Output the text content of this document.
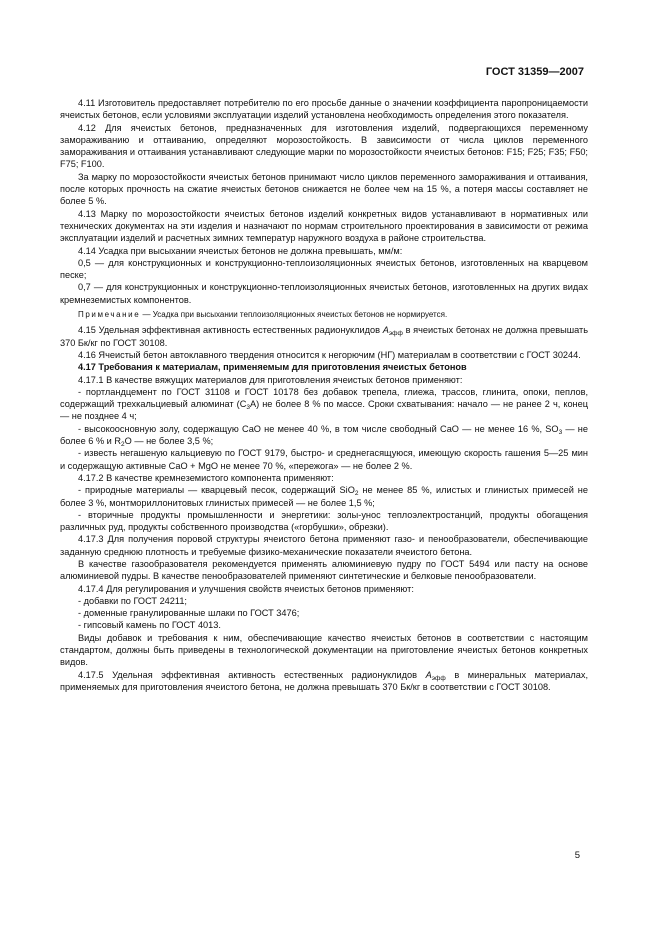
ГОСТ 31359—2007

4.11 Изготовитель предоставляет потребителю по его просьбе данные о значении коэффициента паропроницаемости ячеистых бетонов, если условиями эксплуатации изделий установлена необходимость определения этого показателя.

4.12 Для ячеистых бетонов, предназначенных для изготовления изделий, подвергающихся переменному замораживанию и оттаиванию, определяют морозостойкость. В зависимости от числа циклов переменного замораживания и оттаивания устанавливают следующие марки по морозостойкости ячеистых бетонов: F15; F25; F35; F50; F75; F100.

За марку по морозостойкости ячеистых бетонов принимают число циклов переменного замораживания и оттаивания, после которых прочность на сжатие ячеистых бетонов снижается не более чем на 15 %, а потеря массы составляет не более 5 %.

4.13 Марку по морозостойкости ячеистых бетонов изделий конкретных видов устанавливают в нормативных или технических документах на эти изделия и назначают по нормам строительного проектирования в зависимости от режима эксплуатации изделий и расчетных зимних температур наружного воздуха в районе строительства.

4.14 Усадка при высыхании ячеистых бетонов не должна превышать, мм/м:

0,5 — для конструкционных и конструкционно-теплоизоляционных ячеистых бетонов, изготовленных на кварцевом песке;

0,7 — для конструкционных и конструкционно-теплоизоляционных ячеистых бетонов, изготовленных на других видах кремнеземистых компонентов.

Примечание — Усадка при высыхании теплоизоляционных ячеистых бетонов не нормируется.

4.15 Удельная эффективная активность естественных радионуклидов $A_{эфф}$ в ячеистых бетонах не должна превышать 370 Бк/кг по ГОСТ 30108.

4.16 Ячеистый бетон автоклавного твердения относится к негорючим (НГ) материалам в соответствии с ГОСТ 30244.

4.17 Требования к материалам, применяемым для приготовления ячеистых бетонов

4.17.1 В качестве вяжущих материалов для приготовления ячеистых бетонов применяют:

- портландцемент по ГОСТ 31108 и ГОСТ 10178 без добавок трепела, глиежа, трассов, глинита, опоки, пеплов, содержащий трехкальциевый алюминат $(С_3А)$ не более 8 % по массе. Сроки схватывания: начало — не ранее 2 ч, конец — не позднее 4 ч;

- высокоосновную золу, содержащую СаО не менее 40 %, в том числе свободный СаО — не менее 16 %, $SO_3$ — не более 6 % и $R_2O$ — не более 3,5 %;

- известь негашеную кальциевую по ГОСТ 9179, быстро- и среднегасящуюся, имеющую скорость гашения 5—25 мин и содержащую активные СаО + MgO не менее 70 %, «пережога» — не более 2 %.

4.17.2 В качестве кремнеземистого компонента применяют:

- природные материалы — кварцевый песок, содержащий SiO$_2$ не менее 85 %, илистых и глинистых примесей не более 3 %, монтмориллонитовых глинистых примесей — не более 1,5 %;

- вторичные продукты промышленности и энергетики: золы-унос теплоэлектростанций, продукты обогащения различных руд, продукты собственного производства («горбушки», обрезки).

4.17.3 Для получения поровой структуры ячеистого бетона применяют газо- и пенообразователи, обеспечивающие заданную среднюю плотность и требуемые физико-механические показатели ячеистого бетона.

В качестве газообразователя рекомендуется применять алюминиевую пудру по ГОСТ 5494 или пасту на основе алюминиевой пудры. В качестве пенообразователей применяют синтетические и белковые пенообразователи.

4.17.4 Для регулирования и улучшения свойств ячеистых бетонов применяют:

- добавки по ГОСТ 24211;

- доменные гранулированные шлаки по ГОСТ 3476;

- гипсовый камень по ГОСТ 4013.

Виды добавок и требования к ним, обеспечивающие качество ячеистых бетонов в соответствии с настоящим стандартом, должны быть приведены в технологической документации на приготовление ячеистых бетонов конкретных видов.

4.17.5 Удельная эффективная активность естественных радионуклидов $A_{эфф}$ в минеральных материалах, применяемых для приготовления ячеистого бетона, не должна превышать 370 Бк/кг в соответствии с ГОСТ 30108.

5
